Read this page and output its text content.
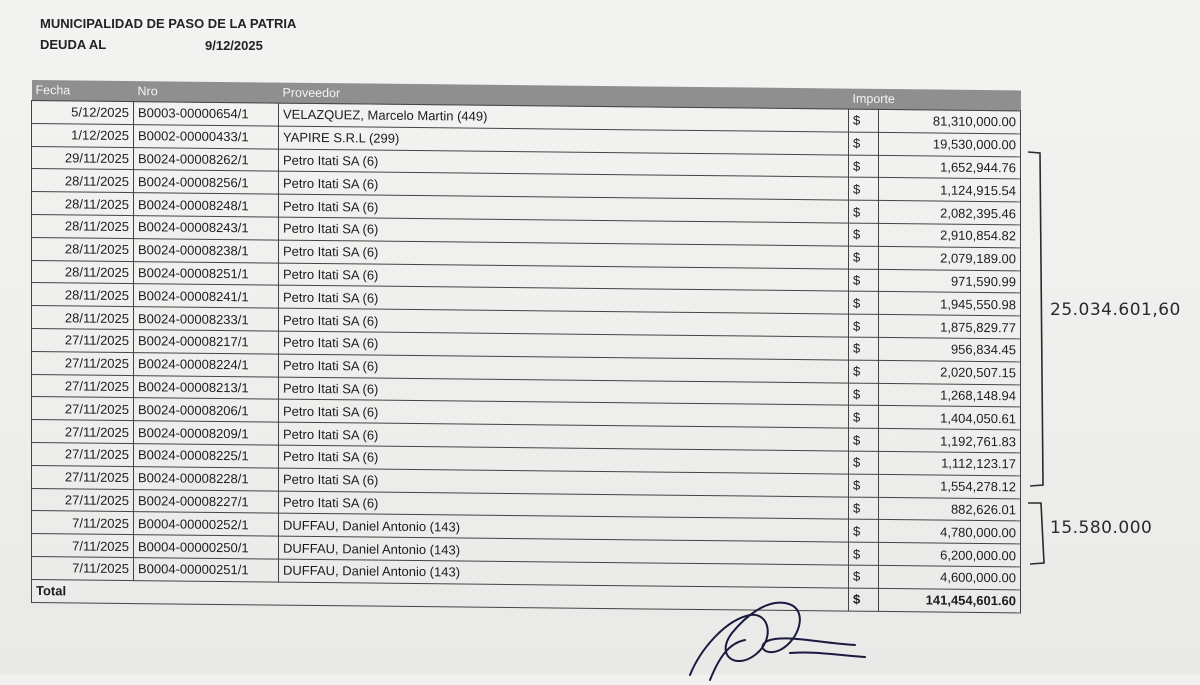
MUNICIPALIDAD DE PASO DE LA PATRIA
DEUDA AL	9/12/2025
Fecha	Nro	Proveedor	Importe	
5/12/2025	B0003-00000654/1	VELAZQUEZ, Marcelo Martin (449)	$	81,310,000.00
1/12/2025	B0002-00000433/1	YAPIRE S.R.L (299)	$	19,530,000.00
29/11/2025	B0024-00008262/1	Petro Itati SA (6)	$	1,652,944.76
28/11/2025	B0024-00008256/1	Petro Itati SA (6)	$	1,124,915.54
28/11/2025	B0024-00008248/1	Petro Itati SA (6)	$	2,082,395.46
28/11/2025	B0024-00008243/1	Petro Itati SA (6)	$	2,910,854.82
28/11/2025	B0024-00008238/1	Petro Itati SA (6)	$	2,079,189.00
28/11/2025	B0024-00008251/1	Petro Itati SA (6)	$	971,590.99
28/11/2025	B0024-00008241/1	Petro Itati SA (6)	$	1,945,550.98
28/11/2025	B0024-00008233/1	Petro Itati SA (6)	$	1,875,829.77
27/11/2025	B0024-00008217/1	Petro Itati SA (6)	$	956,834.45
27/11/2025	B0024-00008224/1	Petro Itati SA (6)	$	2,020,507.15
27/11/2025	B0024-00008213/1	Petro Itati SA (6)	$	1,268,148.94
27/11/2025	B0024-00008206/1	Petro Itati SA (6)	$	1,404,050.61
27/11/2025	B0024-00008209/1	Petro Itati SA (6)	$	1,192,761.83
27/11/2025	B0024-00008225/1	Petro Itati SA (6)	$	1,112,123.17
27/11/2025	B0024-00008228/1	Petro Itati SA (6)	$	1,554,278.12
27/11/2025	B0024-00008227/1	Petro Itati SA (6)	$	882,626.01
7/11/2025	B0004-00000252/1	DUFFAU, Daniel Antonio (143)	$	4,780,000.00
7/11/2025	B0004-00000250/1	DUFFAU, Daniel Antonio (143)	$	6,200,000.00
7/11/2025	B0004-00000251/1	DUFFAU, Daniel Antonio (143)	$	4,600,000.00
Total			$	141,454,601.60
25.034.601,60
15.580.000
